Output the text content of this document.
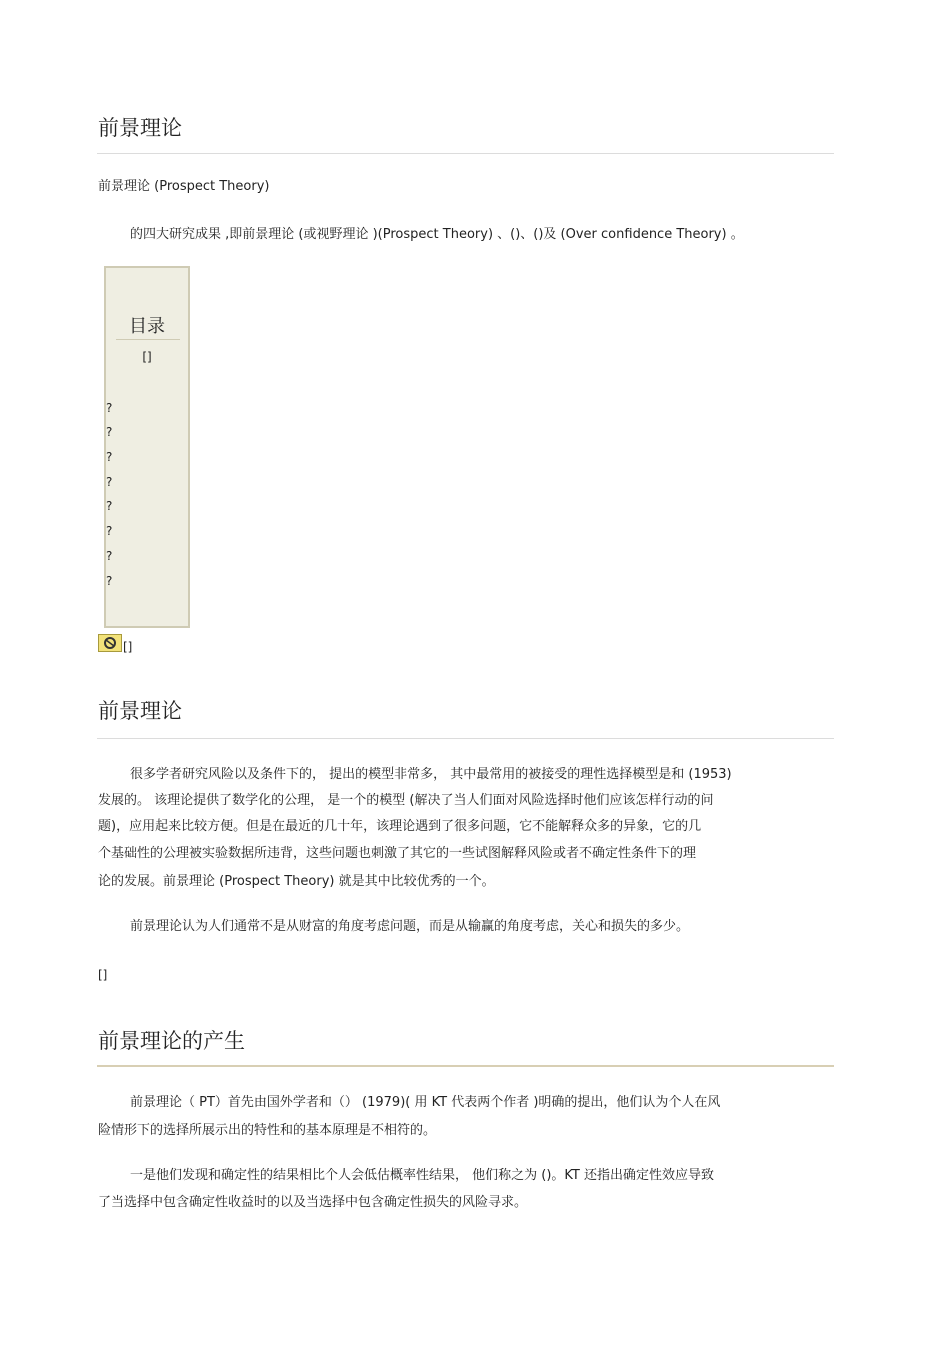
前景理论
前景理论 (Prospect Theory)
的四大研究成果 ,即前景理论 (或视野理论 )(Prospect Theory) 、()、()及 (Over confidence Theory) 。
目录
[]
?
?
?
?
?
?
?
?
[]
前景理论
很多学者研究风险以及条件下的， 提出的模型非常多， 其中最常用的被接受的理性选择模型是和 (1953)
发展的。 该理论提供了数学化的公理， 是一个的模型 (解决了当人们面对风险选择时他们应该怎样行动的问
题)，应用起来比较方便。但是在最近的几十年，该理论遇到了很多问题，它不能解释众多的异象，它的几
个基础性的公理被实验数据所违背，这些问题也刺激了其它的一些试图解释风险或者不确定性条件下的理
论的发展。前景理论 (Prospect Theory) 就是其中比较优秀的一个。
前景理论认为人们通常不是从财富的角度考虑问题，而是从输赢的角度考虑，关心和损失的多少。
[]
前景理论的产生
前景理论（ PT）首先由国外学者和（） (1979)( 用 KT 代表两个作者 )明确的提出，他们认为个人在风
险情形下的选择所展示出的特性和的基本原理是不相符的。
一是他们发现和确定性的结果相比个人会低估概率性结果， 他们称之为 ()。KT 还指出确定性效应导致
了当选择中包含确定性收益时的以及当选择中包含确定性损失的风险寻求。
